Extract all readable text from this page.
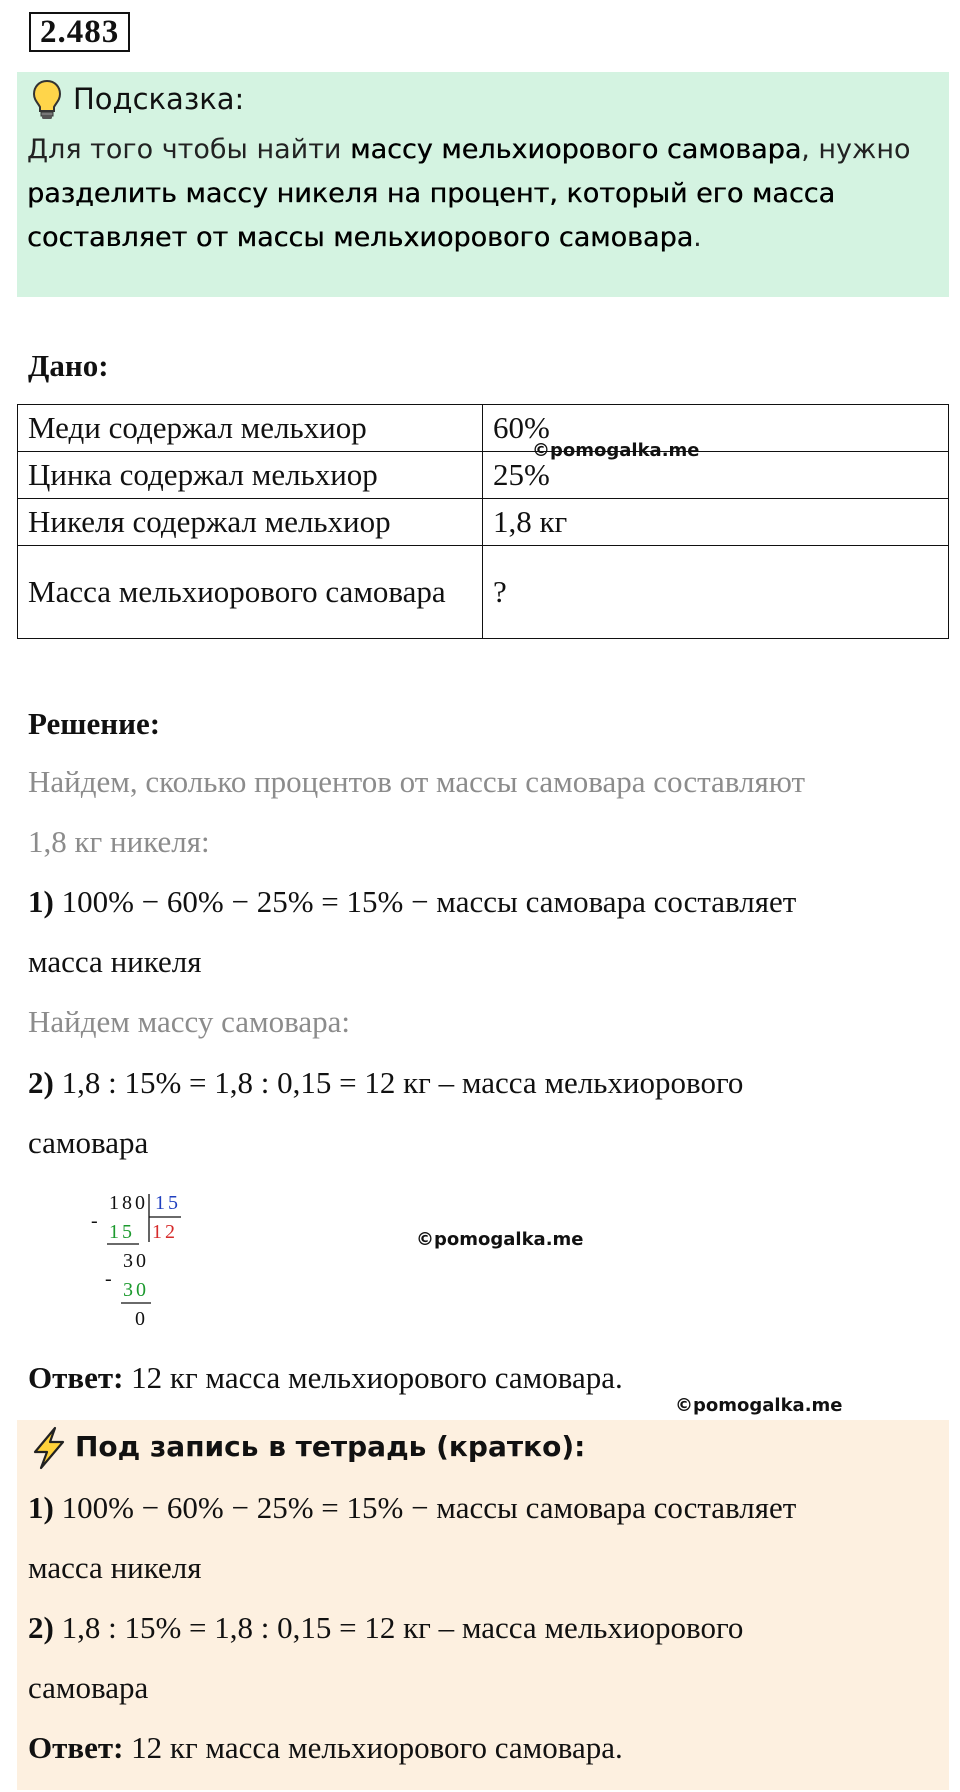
2.483
Подсказка:
Для того чтобы найти массу мельхиорового самовара, нужно разделить массу никеля на процент, который его масса составляет от массы мельхиорового самовара.
Дано:
Меди содержал мельхиор	60%
Цинка содержал мельхиор	25%
Никеля содержал мельхиор	1,8 кг
Масса мельхиорового самовара	?
©pomogalka.me
Решение:
Найдем, сколько процентов от массы самовара составляют
1,8 кг никеля:
1) 100% − 60% − 25% = 15% − массы самовара составляет
масса никеля
Найдем массу самовара:
2) 1,8 : 15% = 1,8 : 0,15 = 12 кг – масса мельхиорового
самовара
180 15
- 15 12
30
- 30
0
©pomogalka.me
Ответ: 12 кг масса мельхиорового самовара.
©pomogalka.me
Под запись в тетрадь (кратко):
1) 100% − 60% − 25% = 15% − массы самовара составляет
масса никеля
2) 1,8 : 15% = 1,8 : 0,15 = 12 кг – масса мельхиорового
самовара
Ответ: 12 кг масса мельхиорового самовара.
